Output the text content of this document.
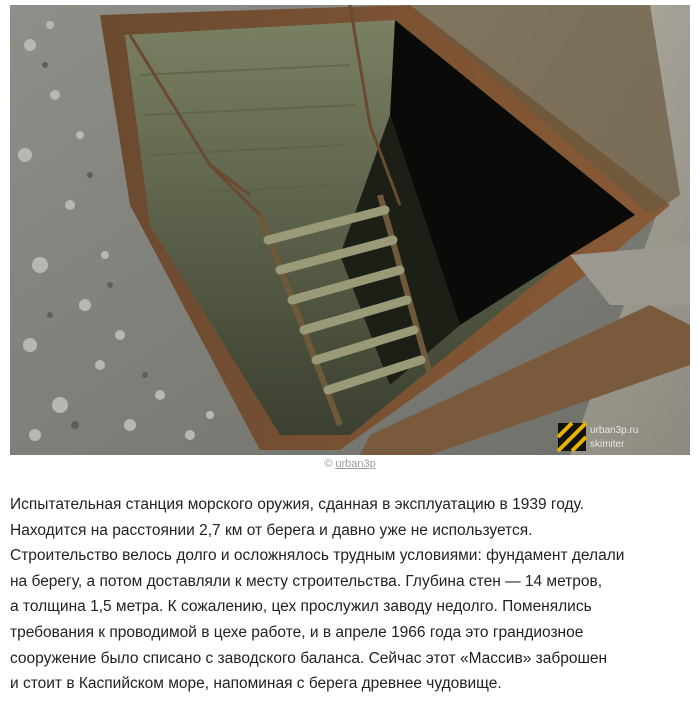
urban3p.ru
skimiter
© urban3p

Испытательная станция морского оружия, сданная в эксплуатацию в 1939 году.
Находится на расстоянии 2,7 км от берега и давно уже не используется.
Строительство велось долго и осложнялось трудным условиями: фундамент делали
на берегу, а потом доставляли к месту строительства. Глубина стен — 14 метров,
а толщина 1,5 метра. К сожалению, цех прослужил заводу недолго. Поменялись
требования к проводимой в цехе работе, и в апреле 1966 года это грандиозное
сооружение было списано с заводского баланса. Сейчас этот «Массив» заброшен
и стоит в Каспийском море, напоминая с берега древнее чудовище.
